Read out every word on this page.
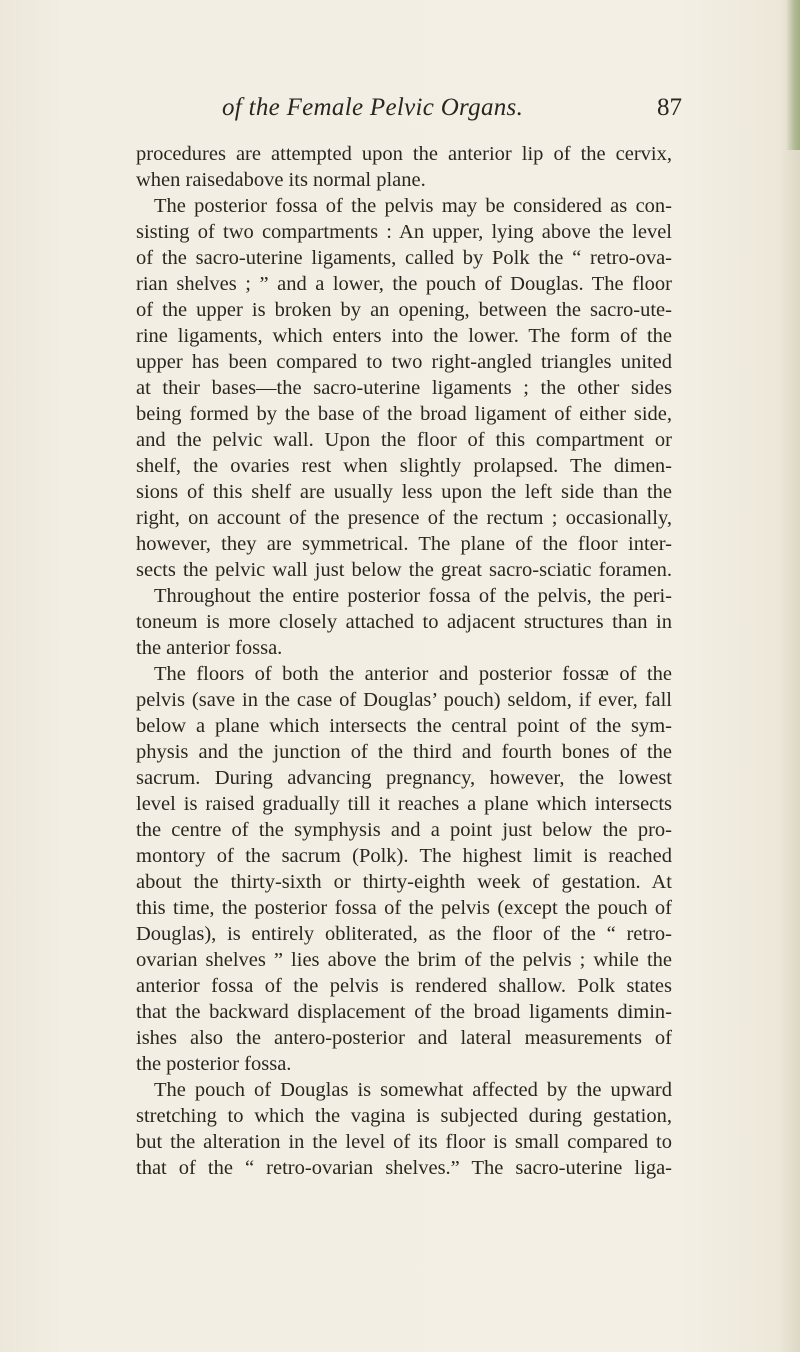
of the Female Pelvic Organs.	87
procedures are attempted upon the anterior lip of the cervix,
when raisedabove its normal plane.
The posterior fossa of the pelvis may be considered as con-
sisting of two compartments : An upper, lying above the level
of the sacro-uterine ligaments, called by Polk the “ retro-ova-
rian shelves ; ” and a lower, the pouch of Douglas. The floor
of the upper is broken by an opening, between the sacro-ute-
rine ligaments, which enters into the lower. The form of the
upper has been compared to two right-angled triangles united
at their bases—the sacro-uterine ligaments ; the other sides
being formed by the base of the broad ligament of either side,
and the pelvic wall. Upon the floor of this compartment or
shelf, the ovaries rest when slightly prolapsed. The dimen-
sions of this shelf are usually less upon the left side than the
right, on account of the presence of the rectum ; occasionally,
however, they are symmetrical. The plane of the floor inter-
sects the pelvic wall just below the great sacro-sciatic foramen.
Throughout the entire posterior fossa of the pelvis, the peri-
toneum is more closely attached to adjacent structures than in
the anterior fossa.
The floors of both the anterior and posterior fossæ of the
pelvis (save in the case of Douglas’ pouch) seldom, if ever, fall
below a plane which intersects the central point of the sym-
physis and the junction of the third and fourth bones of the
sacrum. During advancing pregnancy, however, the lowest
level is raised gradually till it reaches a plane which intersects
the centre of the symphysis and a point just below the pro-
montory of the sacrum (Polk). The highest limit is reached
about the thirty-sixth or thirty-eighth week of gestation. At
this time, the posterior fossa of the pelvis (except the pouch of
Douglas), is entirely obliterated, as the floor of the “ retro-
ovarian shelves ” lies above the brim of the pelvis ; while the
anterior fossa of the pelvis is rendered shallow. Polk states
that the backward displacement of the broad ligaments dimin-
ishes also the antero-posterior and lateral measurements of
the posterior fossa.
The pouch of Douglas is somewhat affected by the upward
stretching to which the vagina is subjected during gestation,
but the alteration in the level of its floor is small compared to
that of the “ retro-ovarian shelves.” The sacro-uterine liga-
